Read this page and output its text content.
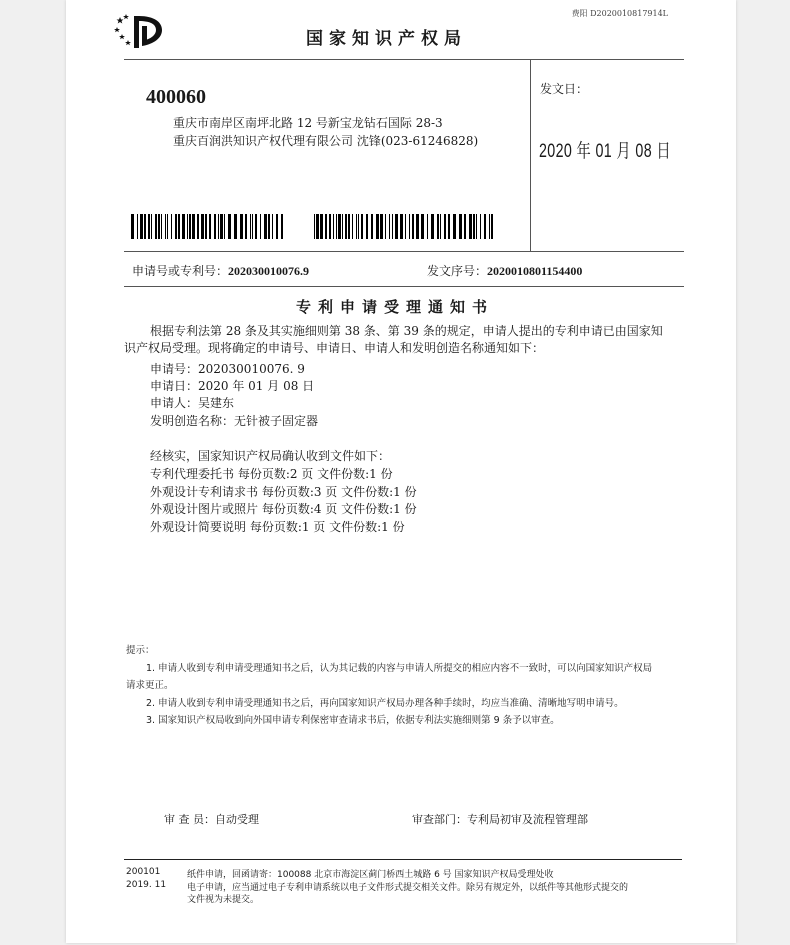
费阳 D2020010817914L
国家知识产权局
400060
重庆市南岸区南坪北路 12 号新宝龙钻石国际 28-3
重庆百润洪知识产权代理有限公司 沈锋(023-61246828)
发文日：
2020 年 01 月 08 日
申请号或专利号：202030010076.9	发文序号：2020010801154400
专利申请受理通知书
根据专利法第 28 条及其实施细则第 38 条、第 39 条的规定，申请人提出的专利申请已由国家知识产权局受理。现将确定的申请号、申请日、申请人和发明创造名称通知如下：
申请号：202030010076. 9
申请日：2020 年 01 月 08 日
申请人：吴建东
发明创造名称：无针被子固定器
经核实，国家知识产权局确认收到文件如下：
专利代理委托书 每份页数:2 页 文件份数:1 份
外观设计专利请求书 每份页数:3 页 文件份数:1 份
外观设计图片或照片 每份页数:4 页 文件份数:1 份
外观设计简要说明 每份页数:1 页 文件份数:1 份
提示：
1. 申请人收到专利申请受理通知书之后，认为其记载的内容与申请人所提交的相应内容不一致时，可以向国家知识产权局
请求更正。
2. 申请人收到专利申请受理通知书之后，再向国家知识产权局办理各种手续时，均应当准确、清晰地写明申请号。
3. 国家知识产权局收到向外国申请专利保密审查请求书后，依据专利法实施细则第 9 条予以审查。
审 查 员：自动受理	审查部门：专利局初审及流程管理部
200101
2019. 11
纸件申请，回函请寄：100088 北京市海淀区蓟门桥西土城路 6 号 国家知识产权局受理处收
电子申请，应当通过电子专利申请系统以电子文件形式提交相关文件。除另有规定外，以纸件等其他形式提交的
文件视为未提交。
